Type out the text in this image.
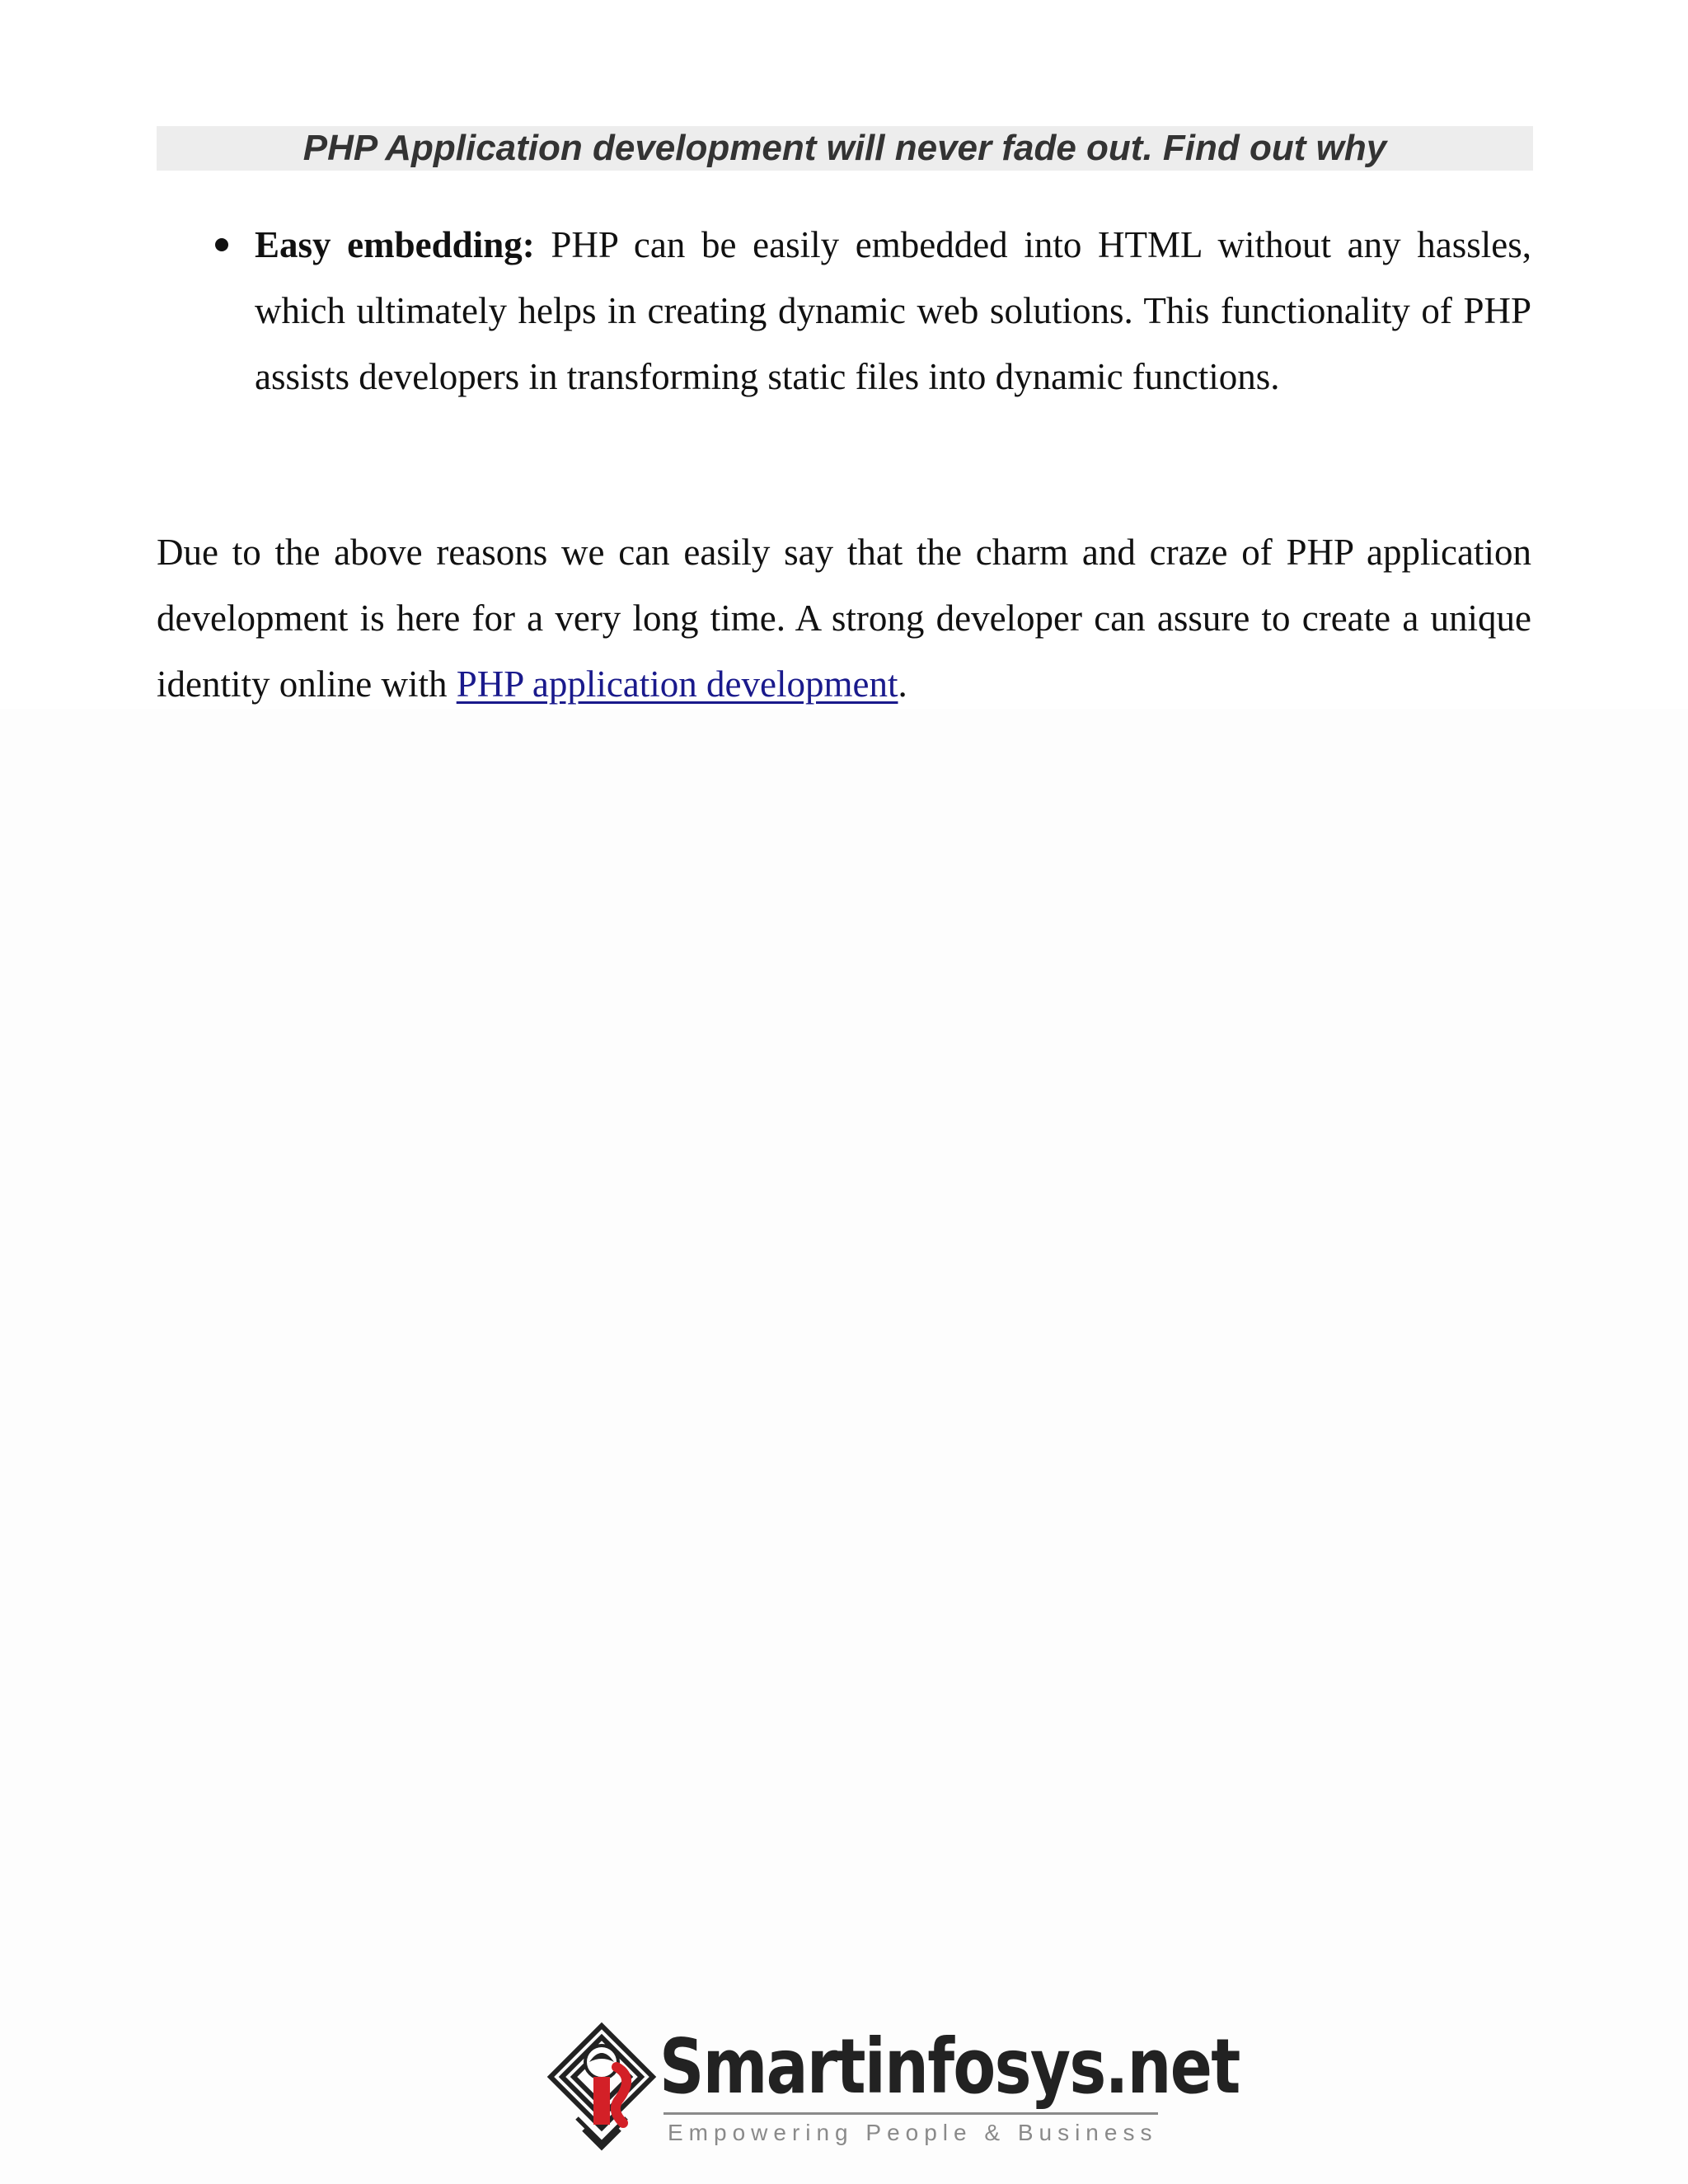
PHP Application development will never fade out. Find out why
Easy embedding: PHP can be easily embedded into HTML without any hassles, which ultimately helps in creating dynamic web solutions. This functionality of PHP assists developers in transforming static files into dynamic functions.

Due to the above reasons we can easily say that the charm and craze of PHP application development is here for a very long time. A strong developer can assure to create a unique identity online with PHP application development.

Smartinfosys.net
Empowering People & Business
